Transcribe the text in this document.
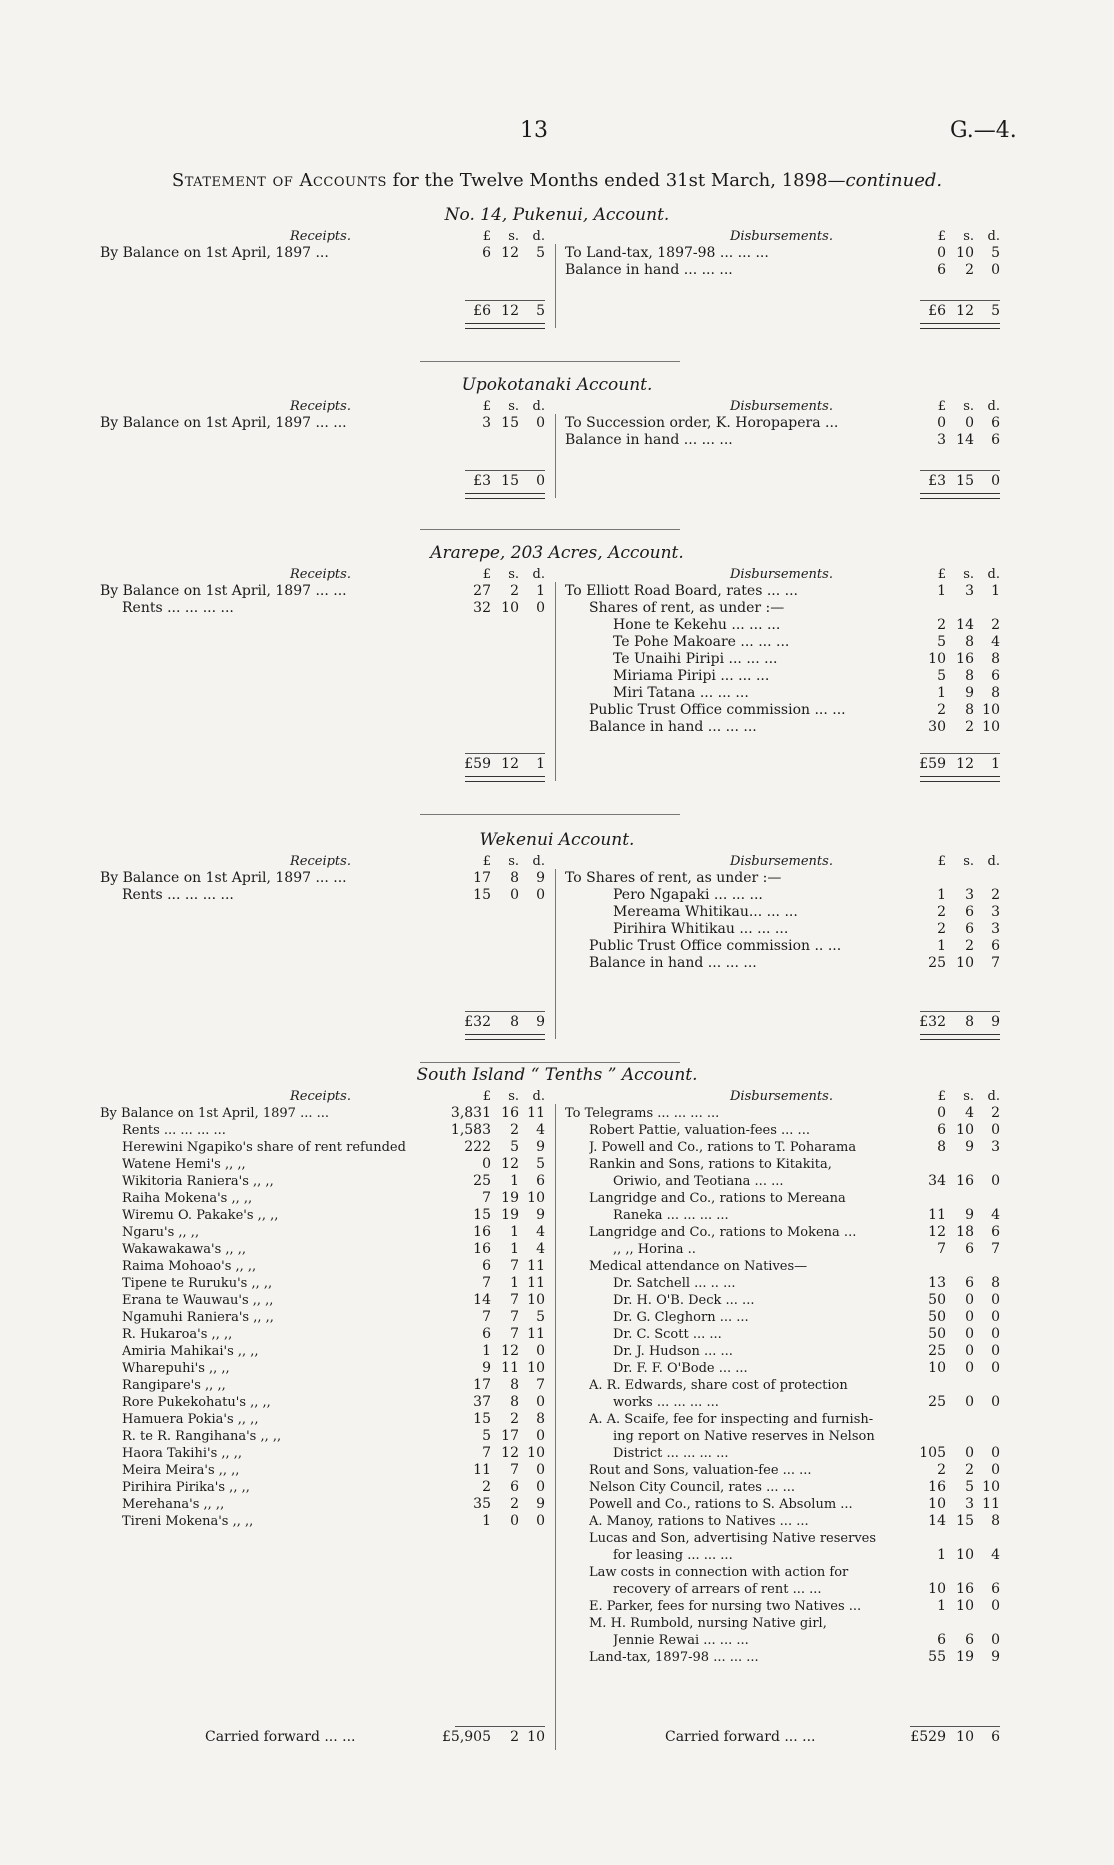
13	G.—4.
Statement of Accounts for the Twelve Months ended 31st March, 1898—continued.
No. 14, Pukenui, Account.
Receipts.	Disbursements.
£ s. d.	£ s. d.
By Balance on 1st April, 1897 ...	6 12 5 To Land-tax, 1897-98 ... ... ...	0 10 5
Balance in hand ... ... ...	6 2 0
£6 12 5	£6 12 5
Upokotanaki Account.
Receipts.	Disbursements.
£ s. d.	£ s. d.
By Balance on 1st April, 1897 ... ...	3 15 0 To Succession order, K. Horopapera ...	0 0 6
Balance in hand ... ... ...	3 14 6
£3 15 0	£3 15 0
Ararepe, 203 Acres, Account.
Receipts.	Disbursements.
£ s. d.	£ s. d.
By Balance on 1st April, 1897 ... ...	27 2 1
Rents ... ... ... ...	32 10 0
To Elliott Road Board, rates ... ...	1 3 1
Shares of rent, as under :—
Hone te Kekehu ... ... ...	2 14 2
Te Pohe Makoare ... ... ...	5 8 4
Te Unaihi Piripi ... ... ...	10 16 8
Miriama Piripi ... ... ...	5 8 6
Miri Tatana ... ... ...	1 9 8
Public Trust Office commission ... ...	2 8 10
Balance in hand ... ... ...	30 2 10
£59 12 1	£59 12 1
Wekenui Account.
Receipts.	Disbursements.
£ s. d.	£ s. d.
By Balance on 1st April, 1897 ... ...	17 8 9
Rents ... ... ... ...	15 0 0
To Shares of rent, as under :—
Pero Ngapaki ... ... ...	1 3 2
Mereama Whitikau... ... ...	2 6 3
Pirihira Whitikau ... ... ...	2 6 3
Public Trust Office commission .. ...	1 2 6
Balance in hand ... ... ...	25 10 7
£32 8 9	£32 8 9
South Island “ Tenths ” Account.
Receipts.	Disbursements.
£ s. d.	£ s. d.
By Balance on 1st April, 1897 ... ...	3,831 16 11
Rents ... ... ... ...	1,583 2 4
Herewini Ngapiko's share of rent refunded	222 5 9
Watene Hemi's ,, ,,	0 12 5
Wikitoria Raniera's ,, ,,	25 1 6
Raiha Mokena's ,, ,,	7 19 10
Wiremu O. Pakake's ,, ,,	15 19 9
Ngaru's ,, ,,	16 1 4
Wakawakawa's ,, ,,	16 1 4
Raima Mohoao's ,, ,,	6 7 11
Tipene te Ruruku's ,, ,,	7 1 11
Erana te Wauwau's ,, ,,	14 7 10
Ngamuhi Raniera's ,, ,,	7 7 5
R. Hukaroa's ,, ,,	6 7 11
Amiria Mahikai's ,, ,,	1 12 0
Wharepuhi's ,, ,,	9 11 10
Rangipare's ,, ,,	17 8 7
Rore Pukekohatu's ,, ,,	37 8 0
Hamuera Pokia's ,, ,,	15 2 8
R. te R. Rangihana's ,, ,,	5 17 0
Haora Takihi's ,, ,,	7 12 10
Meira Meira's ,, ,,	11 7 0
Pirihira Pirika's ,, ,,	2 6 0
Merehana's ,, ,,	35 2 9
Tireni Mokena's ,, ,,	1 0 0
To Telegrams ... ... ... ...	0 4 2
Robert Pattie, valuation-fees ... ...	6 10 0
J. Powell and Co., rations to T. Poharama	8 9 3
Rankin and Sons, rations to Kitakita,
Oriwio, and Teotiana ... ...	34 16 0
Langridge and Co., rations to Mereana
Raneka ... ... ... ...	11 9 4
Langridge and Co., rations to Mokena ...	12 18 6
,, ,, Horina ..	7 6 7
Medical attendance on Natives—
Dr. Satchell ... .. ...	13 6 8
Dr. H. O'B. Deck ... ...	50 0 0
Dr. G. Cleghorn ... ...	50 0 0
Dr. C. Scott ... ...	50 0 0
Dr. J. Hudson ... ...	25 0 0
Dr. F. F. O'Bode ... ...	10 0 0
A. R. Edwards, share cost of protection
works ... ... ... ...	25 0 0
A. A. Scaife, fee for inspecting and furnish-
ing report on Native reserves in Nelson
District ... ... ... ...	105 0 0
Rout and Sons, valuation-fee ... ...	2 2 0
Nelson City Council, rates ... ...	16 5 10
Powell and Co., rations to S. Absolum ...	10 3 11
A. Manoy, rations to Natives ... ...	14 15 8
Lucas and Son, advertising Native reserves
for leasing ... ... ...	1 10 4
Law costs in connection with action for
recovery of arrears of rent ... ...	10 16 6
E. Parker, fees for nursing two Natives ...	1 10 0
M. H. Rumbold, nursing Native girl,
Jennie Rewai ... ... ...	6 6 0
Land-tax, 1897-98 ... ... ...	55 19 9
Carried forward ... ...	£5,905 2 10	Carried forward ... ...	£529 10 6
